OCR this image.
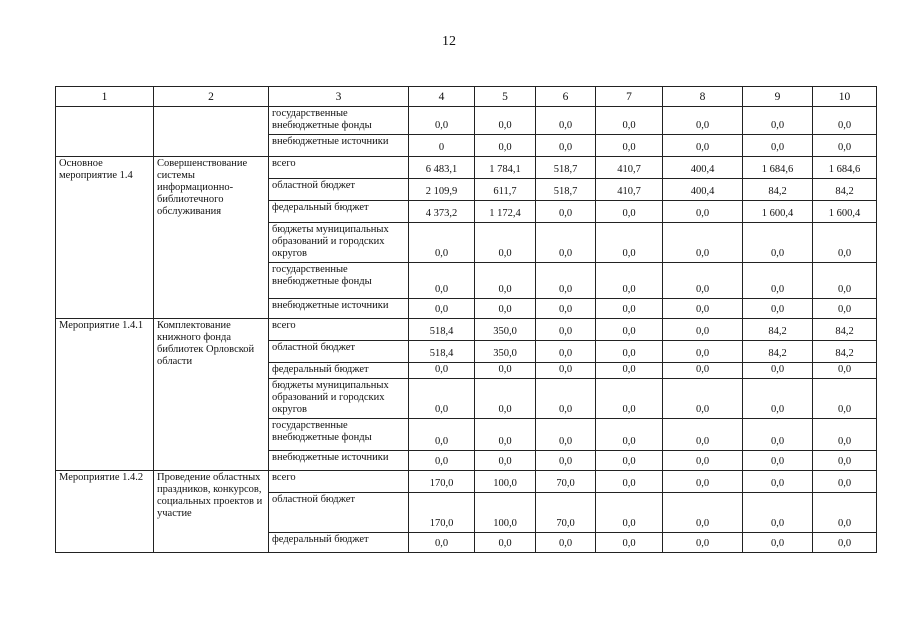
12
1	2	3	4	5	6	7	8	9	10
		государственные внебюджетные фонды	0,0	0,0	0,0	0,0	0,0	0,0	0,0
		внебюджетные источники	0	0,0	0,0	0,0	0,0	0,0	0,0
Основное мероприятие 1.4	Совершенствование системы информационно-библиотечного обслуживания	всего	6 483,1	1 784,1	518,7	410,7	400,4	1 684,6	1 684,6
		областной бюджет	2 109,9	611,7	518,7	410,7	400,4	84,2	84,2
		федеральный бюджет	4 373,2	1 172,4	0,0	0,0	0,0	1 600,4	1 600,4
		бюджеты муниципальных образований и городских округов	0,0	0,0	0,0	0,0	0,0	0,0	0,0
		государственные внебюджетные фонды	0,0	0,0	0,0	0,0	0,0	0,0	0,0
		внебюджетные источники	0,0	0,0	0,0	0,0	0,0	0,0	0,0
Мероприятие 1.4.1	Комплектование книжного фонда библиотек Орловской области	всего	518,4	350,0	0,0	0,0	0,0	84,2	84,2
		областной бюджет	518,4	350,0	0,0	0,0	0,0	84,2	84,2
		федеральный бюджет	0,0	0,0	0,0	0,0	0,0	0,0	0,0
		бюджеты муниципальных образований и городских округов	0,0	0,0	0,0	0,0	0,0	0,0	0,0
		государственные внебюджетные фонды	0,0	0,0	0,0	0,0	0,0	0,0	0,0
		внебюджетные источники	0,0	0,0	0,0	0,0	0,0	0,0	0,0
Мероприятие 1.4.2	Проведение областных праздников, конкурсов, социальных проектов и участие	всего	170,0	100,0	70,0	0,0	0,0	0,0	0,0
		областной бюджет	170,0	100,0	70,0	0,0	0,0	0,0	0,0
		федеральный бюджет	0,0	0,0	0,0	0,0	0,0	0,0	0,0
